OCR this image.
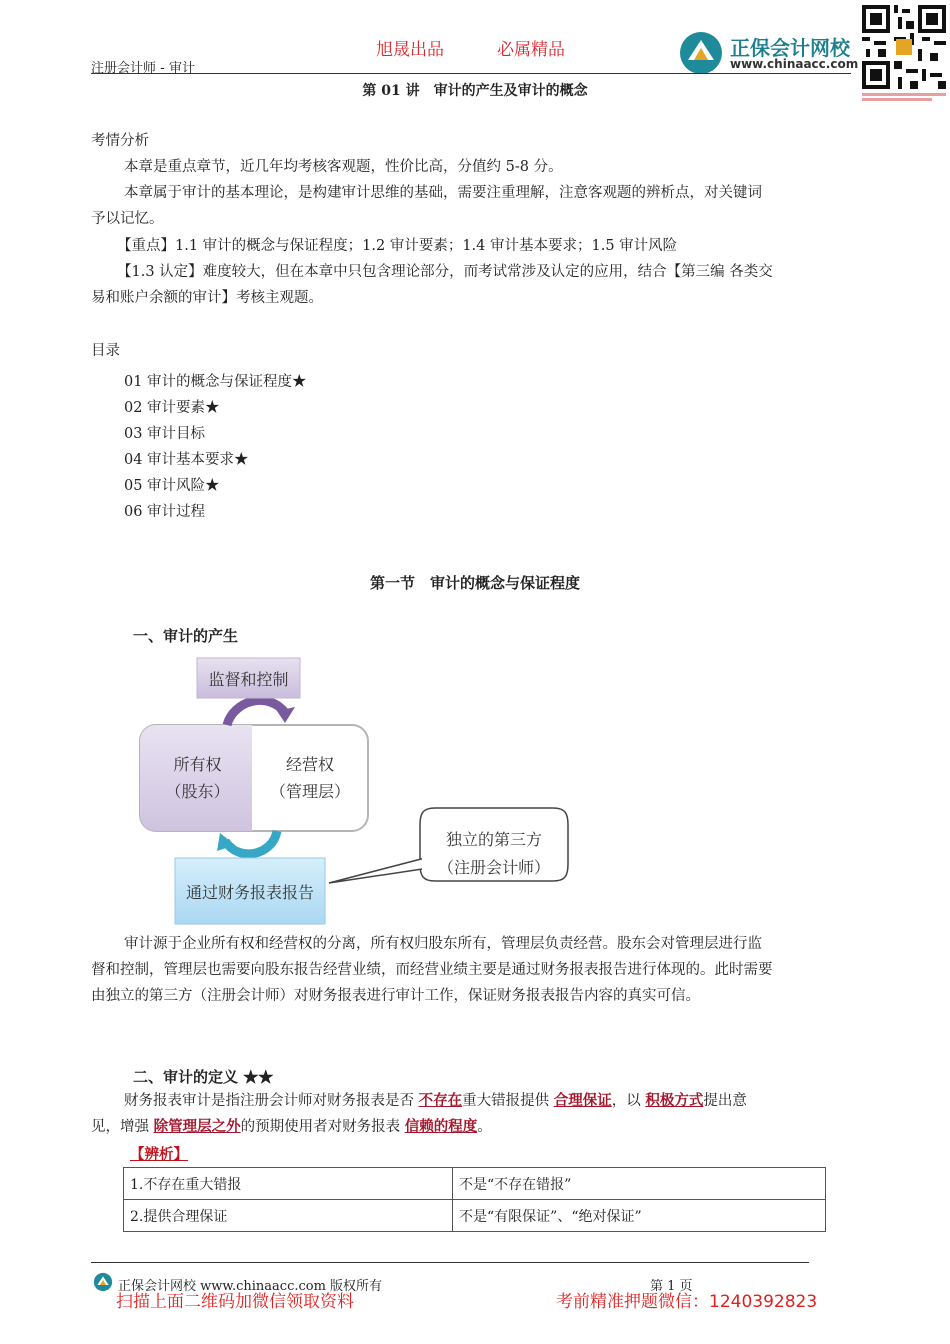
旭晟出品	必属精品
注册会计师 - 审计
正保会计网校
www.chinaacc.com
第 01 讲　审计的产生及审计的概念
考情分析
本章是重点章节，近几年均考核客观题，性价比高，分值约 5-8 分。
本章属于审计的基本理论，是构建审计思维的基础，需要注重理解，注意客观题的辨析点，对关键词
予以记忆。
【重点】1.1 审计的概念与保证程度；1.2 审计要素；1.4 审计基本要求；1.5 审计风险
【1.3 认定】难度较大，但在本章中只包含理论部分，而考试常涉及认定的应用，结合【第三编 各类交
易和账户余额的审计】考核主观题。
目录
01 审计的概念与保证程度★
02 审计要素★
03 审计目标
04 审计基本要求★
05 审计风险★
06 审计过程
第一节　审计的概念与保证程度
一、审计的产生
监督和控制
所有权
（股东）
经营权
（管理层）
通过财务报表报告
独立的第三方
（注册会计师）
审计源于企业所有权和经营权的分离，所有权归股东所有，管理层负责经营。股东会对管理层进行监
督和控制，管理层也需要向股东报告经营业绩，而经营业绩主要是通过财务报表报告进行体现的。此时需要
由独立的第三方（注册会计师）对财务报表进行审计工作，保证财务报表报告内容的真实可信。
二、审计的定义 ★★
财务报表审计是指注册会计师对财务报表是否 不存在重大错报提供 合理保证，以 积极方式提出意
见，增强 除管理层之外的预期使用者对财务报表 信赖的程度。
【辨析】
1.不存在重大错报	不是“不存在错报”
2.提供合理保证	不是“有限保证”、“绝对保证”
正保会计网校 www.chinaacc.com 版权所有	第 1 页
扫描上面二维码加微信领取资料	考前精准押题微信：1240392823
